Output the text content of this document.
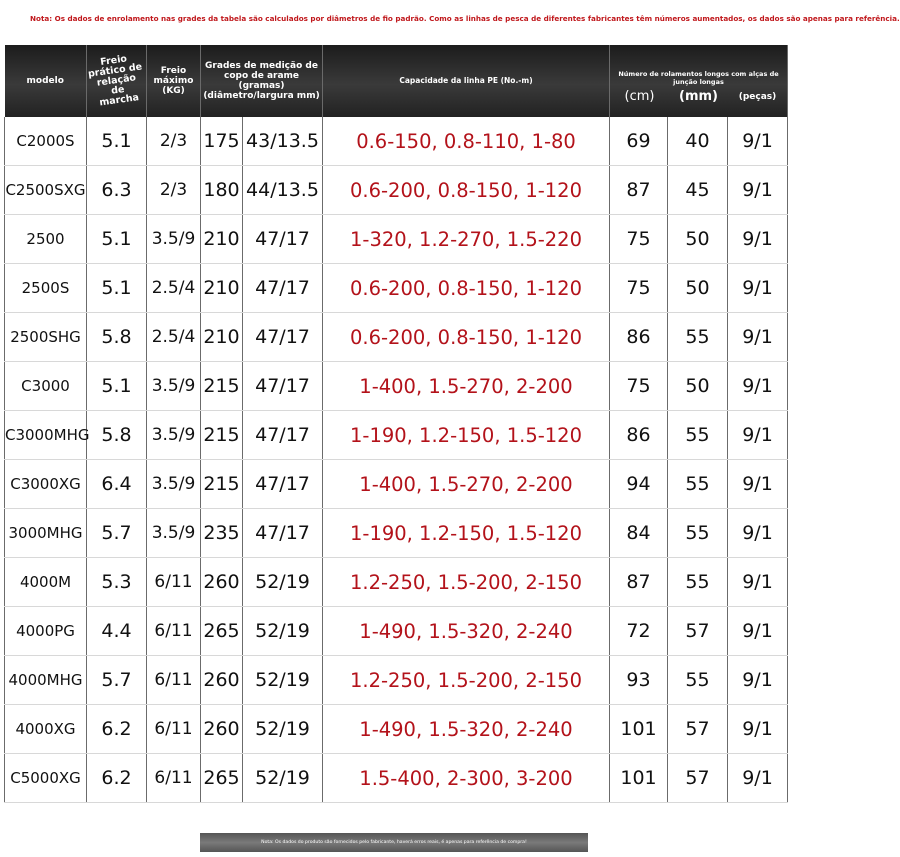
Nota: Os dados de enrolamento nas grades da tabela são calculados por diâmetros de fio padrão. Como as linhas de pesca de diferentes fabricantes têm números aumentados, os dados são apenas para referência.
modelo	Freio prático de relação de marcha	Freio máximo (KG)	Grades de medição de copo de arame (gramas) (diâmetro/largura mm)		Capacidade da linha PE (No.-m)	Número de rolamentos longos com alças de junção longas
(cm) (mm) (peças)		

C2000S	5.1	2/3	175	43/13.5	0.6-150, 0.8-110, 1-80	69	40	9/1
C2500SXG	6.3	2/3	180	44/13.5	0.6-200, 0.8-150, 1-120	87	45	9/1
2500	5.1	3.5/9	210	47/17	1-320, 1.2-270, 1.5-220	75	50	9/1
2500S	5.1	2.5/4	210	47/17	0.6-200, 0.8-150, 1-120	75	50	9/1
2500SHG	5.8	2.5/4	210	47/17	0.6-200, 0.8-150, 1-120	86	55	9/1
C3000	5.1	3.5/9	215	47/17	1-400, 1.5-270, 2-200	75	50	9/1
C3000MHG	5.8	3.5/9	215	47/17	1-190, 1.2-150, 1.5-120	86	55	9/1
C3000XG	6.4	3.5/9	215	47/17	1-400, 1.5-270, 2-200	94	55	9/1
3000MHG	5.7	3.5/9	235	47/17	1-190, 1.2-150, 1.5-120	84	55	9/1
4000M	5.3	6/11	260	52/19	1.2-250, 1.5-200, 2-150	87	55	9/1
4000PG	4.4	6/11	265	52/19	1-490, 1.5-320, 2-240	72	57	9/1
4000MHG	5.7	6/11	260	52/19	1.2-250, 1.5-200, 2-150	93	55	9/1
4000XG	6.2	6/11	260	52/19	1-490, 1.5-320, 2-240	101	57	9/1
C5000XG	6.2	6/11	265	52/19	1.5-400, 2-300, 3-200	101	57	9/1
Nota: Os dados do produto são fornecidos pelo fabricante, haverá erros reais, é apenas para referência de compra!
